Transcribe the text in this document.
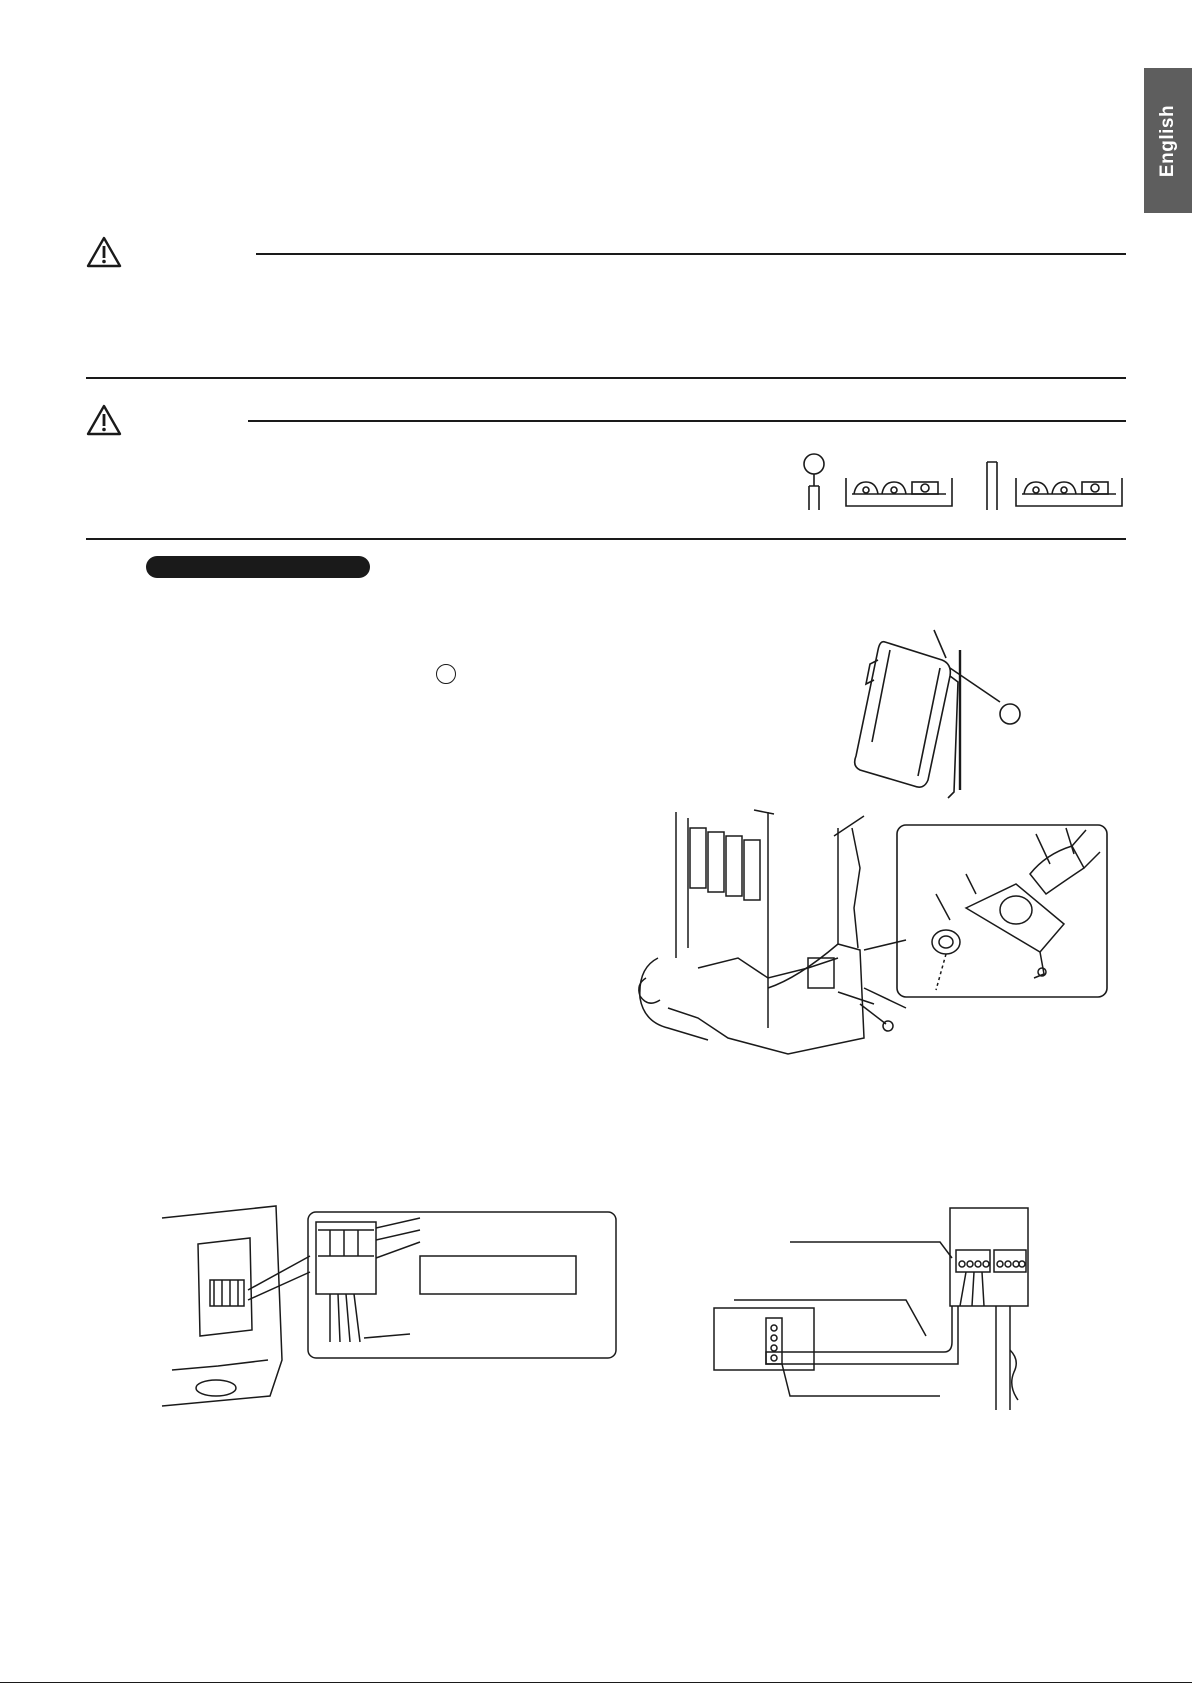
English
